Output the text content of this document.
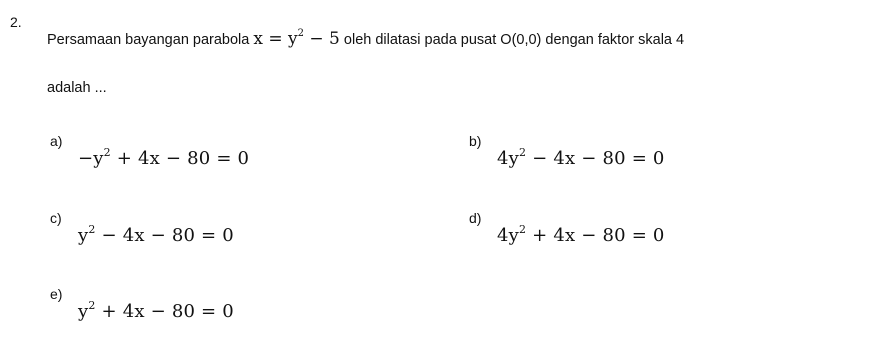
2.
Persamaan bayangan parabola $x = y^2 - 5$ oleh dilatasi pada pusat O(0,0) dengan faktor skala 4
adalah ...
a)
$-y^2 + 4x - 80 = 0$
b)
$4y^2 - 4x - 80 = 0$
c)
$y^2 - 4x - 80 = 0$
d)
$4y^2 + 4x - 80 = 0$
e)
$y^2 + 4x - 80 = 0$
